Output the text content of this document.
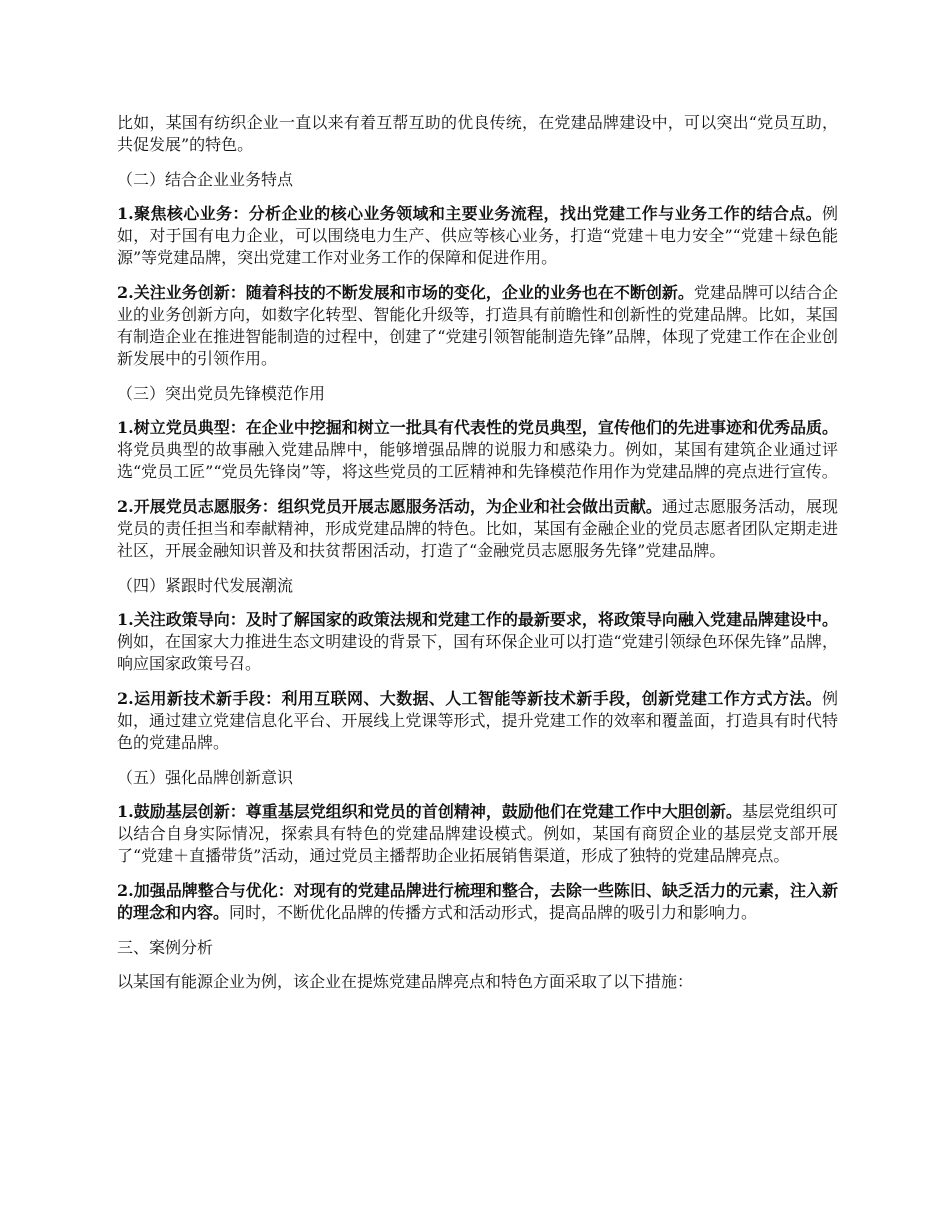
比如，某国有纺织企业一直以来有着互帮互助的优良传统，在党建品牌建设中，可以突出“党员互助，共促发展”的特色。

（二）结合企业业务特点

1.聚焦核心业务：分析企业的核心业务领域和主要业务流程，找出党建工作与业务工作的结合点。例如，对于国有电力企业，可以围绕电力生产、供应等核心业务，打造“党建＋电力安全”“党建＋绿色能源”等党建品牌，突出党建工作对业务工作的保障和促进作用。

2.关注业务创新：随着科技的不断发展和市场的变化，企业的业务也在不断创新。党建品牌可以结合企业的业务创新方向，如数字化转型、智能化升级等，打造具有前瞻性和创新性的党建品牌。比如，某国有制造企业在推进智能制造的过程中，创建了“党建引领智能制造先锋”品牌，体现了党建工作在企业创新发展中的引领作用。

（三）突出党员先锋模范作用

1.树立党员典型：在企业中挖掘和树立一批具有代表性的党员典型，宣传他们的先进事迹和优秀品质。将党员典型的故事融入党建品牌中，能够增强品牌的说服力和感染力。例如，某国有建筑企业通过评选“党员工匠”“党员先锋岗”等，将这些党员的工匠精神和先锋模范作用作为党建品牌的亮点进行宣传。

2.开展党员志愿服务：组织党员开展志愿服务活动，为企业和社会做出贡献。通过志愿服务活动，展现党员的责任担当和奉献精神，形成党建品牌的特色。比如，某国有金融企业的党员志愿者团队定期走进社区，开展金融知识普及和扶贫帮困活动，打造了“金融党员志愿服务先锋”党建品牌。

（四）紧跟时代发展潮流

1.关注政策导向：及时了解国家的政策法规和党建工作的最新要求，将政策导向融入党建品牌建设中。例如，在国家大力推进生态文明建设的背景下，国有环保企业可以打造“党建引领绿色环保先锋”品牌，响应国家政策号召。

2.运用新技术新手段：利用互联网、大数据、人工智能等新技术新手段，创新党建工作方式方法。例如，通过建立党建信息化平台、开展线上党课等形式，提升党建工作的效率和覆盖面，打造具有时代特色的党建品牌。

（五）强化品牌创新意识

1.鼓励基层创新：尊重基层党组织和党员的首创精神，鼓励他们在党建工作中大胆创新。基层党组织可以结合自身实际情况，探索具有特色的党建品牌建设模式。例如，某国有商贸企业的基层党支部开展了“党建＋直播带货”活动，通过党员主播帮助企业拓展销售渠道，形成了独特的党建品牌亮点。

2.加强品牌整合与优化：对现有的党建品牌进行梳理和整合，去除一些陈旧、缺乏活力的元素，注入新的理念和内容。同时，不断优化品牌的传播方式和活动形式，提高品牌的吸引力和影响力。

三、案例分析

以某国有能源企业为例，该企业在提炼党建品牌亮点和特色方面采取了以下措施：
